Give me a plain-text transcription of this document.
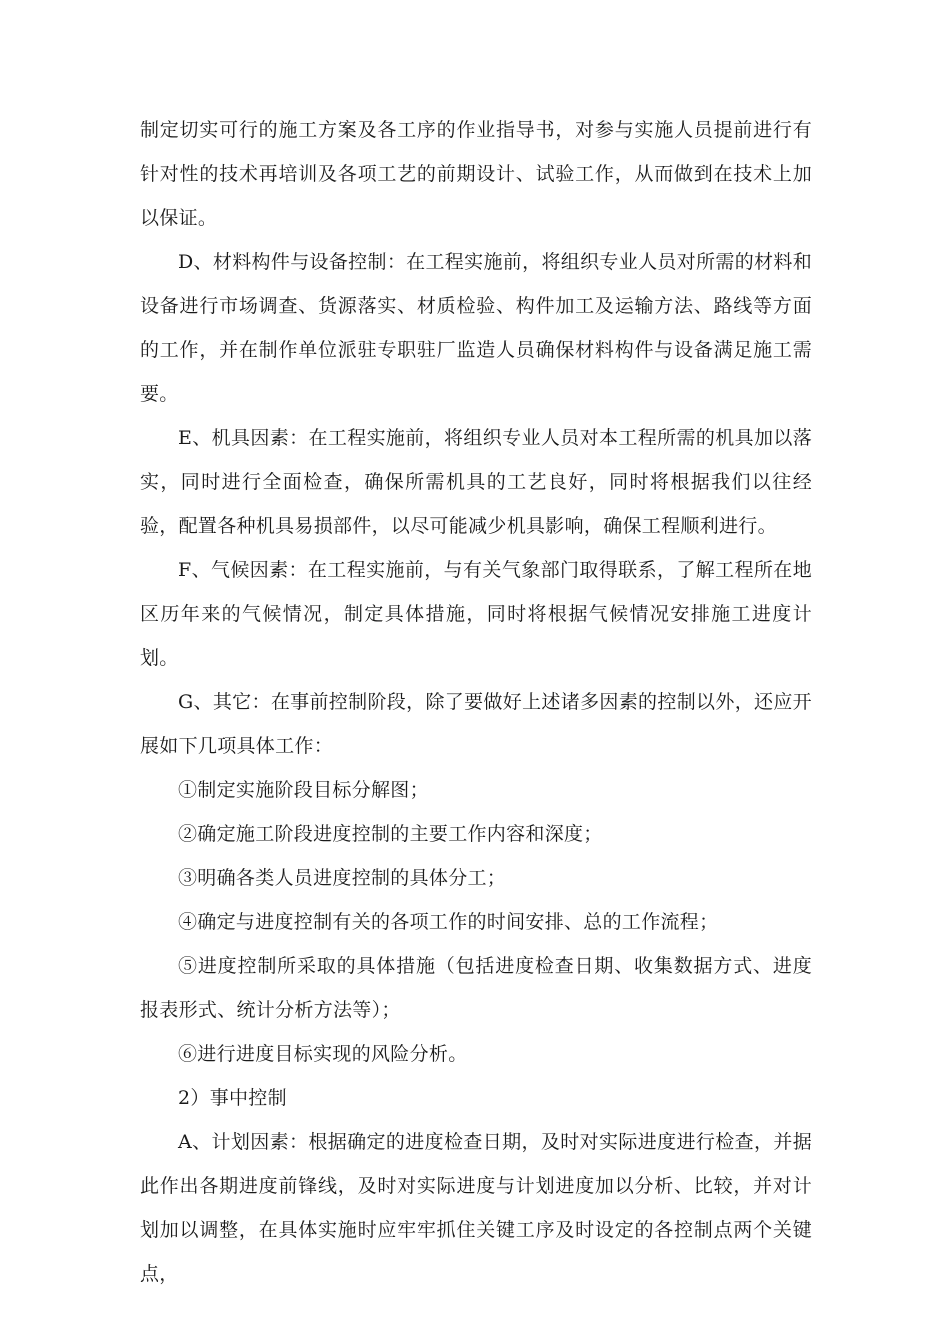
制定切实可行的施工方案及各工序的作业指导书，对参与实施人员提前进行有针对性的技术再培训及各项工艺的前期设计、试验工作，从而做到在技术上加以保证。

D、材料构件与设备控制：在工程实施前，将组织专业人员对所需的材料和设备进行市场调查、货源落实、材质检验、构件加工及运输方法、路线等方面的工作，并在制作单位派驻专职驻厂监造人员确保材料构件与设备满足施工需要。

E、机具因素：在工程实施前，将组织专业人员对本工程所需的机具加以落实，同时进行全面检查，确保所需机具的工艺良好，同时将根据我们以往经验，配置各种机具易损部件，以尽可能减少机具影响，确保工程顺利进行。

F、气候因素：在工程实施前，与有关气象部门取得联系，了解工程所在地区历年来的气候情况，制定具体措施，同时将根据气候情况安排施工进度计划。

G、其它：在事前控制阶段，除了要做好上述诸多因素的控制以外，还应开展如下几项具体工作：

①制定实施阶段目标分解图；

②确定施工阶段进度控制的主要工作内容和深度；

③明确各类人员进度控制的具体分工；

④确定与进度控制有关的各项工作的时间安排、总的工作流程；

⑤进度控制所采取的具体措施（包括进度检查日期、收集数据方式、进度报表形式、统计分析方法等）；

⑥进行进度目标实现的风险分析。

2）事中控制

A、计划因素：根据确定的进度检查日期，及时对实际进度进行检查，并据此作出各期进度前锋线，及时对实际进度与计划进度加以分析、比较，并对计划加以调整，在具体实施时应牢牢抓住关键工序及时设定的各控制点两个关键点，
